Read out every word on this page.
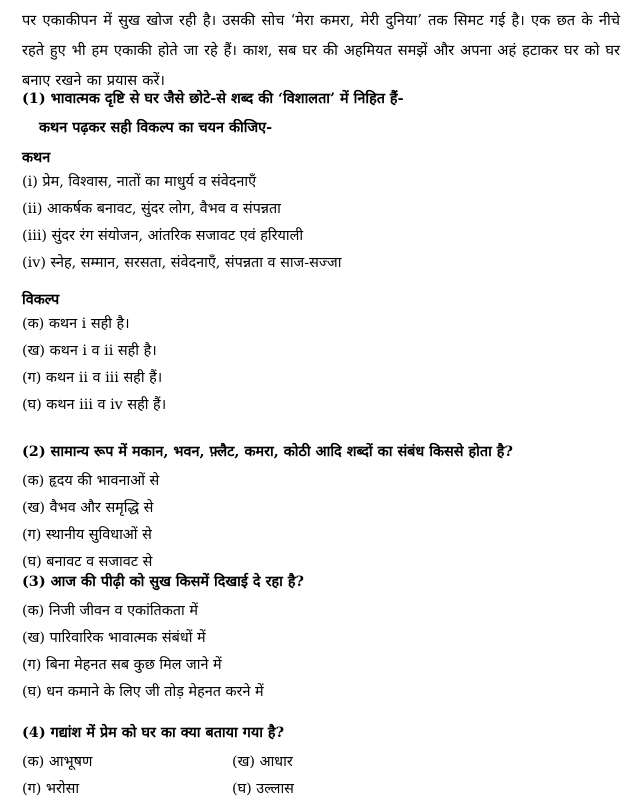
पर एकाकीपन में सुख खोज रही है। उसकी सोच ‘मेरा कमरा, मेरी दुनिया’ तक सिमट गई है। एक छत के नीचे रहते हुए भी हम एकाकी होते जा रहे हैं। काश, सब घर की अहमियत समझें और अपना अहं हटाकर घर को घर बनाए रखने का प्रयास करें।

(1) भावात्मक दृष्टि से घर जैसे छोटे-से शब्द की ‘विशालता’ में निहित हैं-
कथन पढ़कर सही विकल्प का चयन कीजिए-
कथन
(i) प्रेम, विश्वास, नातों का माधुर्य व संवेदनाएँ
(ii) आकर्षक बनावट, सुंदर लोग, वैभव व संपन्नता
(iii) सुंदर रंग संयोजन, आंतरिक सजावट एवं हरियाली
(iv) स्नेह, सम्मान, सरसता, संवेदनाएँ, संपन्नता व साज-सज्जा
विकल्प
(क) कथन i सही है।
(ख) कथन i व ii सही है।
(ग) कथन ii व iii सही हैं।
(घ) कथन iii व iv सही हैं।
(2) सामान्य रूप में मकान, भवन, फ़्लैट, कमरा, कोठी आदि शब्दों का संबंध किससे होता है?
(क) हृदय की भावनाओं से
(ख) वैभव और समृद्धि से
(ग) स्थानीय सुविधाओं से
(घ) बनावट व सजावट से
(3) आज की पीढ़ी को सुख किसमें दिखाई दे रहा है?
(क) निजी जीवन व एकांतिकता में
(ख) पारिवारिक भावात्मक संबंधों में
(ग) बिना मेहनत सब कुछ मिल जाने में
(घ) धन कमाने के लिए जी तोड़ मेहनत करने में
(4) गद्यांश में प्रेम को घर का क्या बताया गया है?
(क) आभूषण	(ख) आधार
(ग) भरोसा	(घ) उल्लास
